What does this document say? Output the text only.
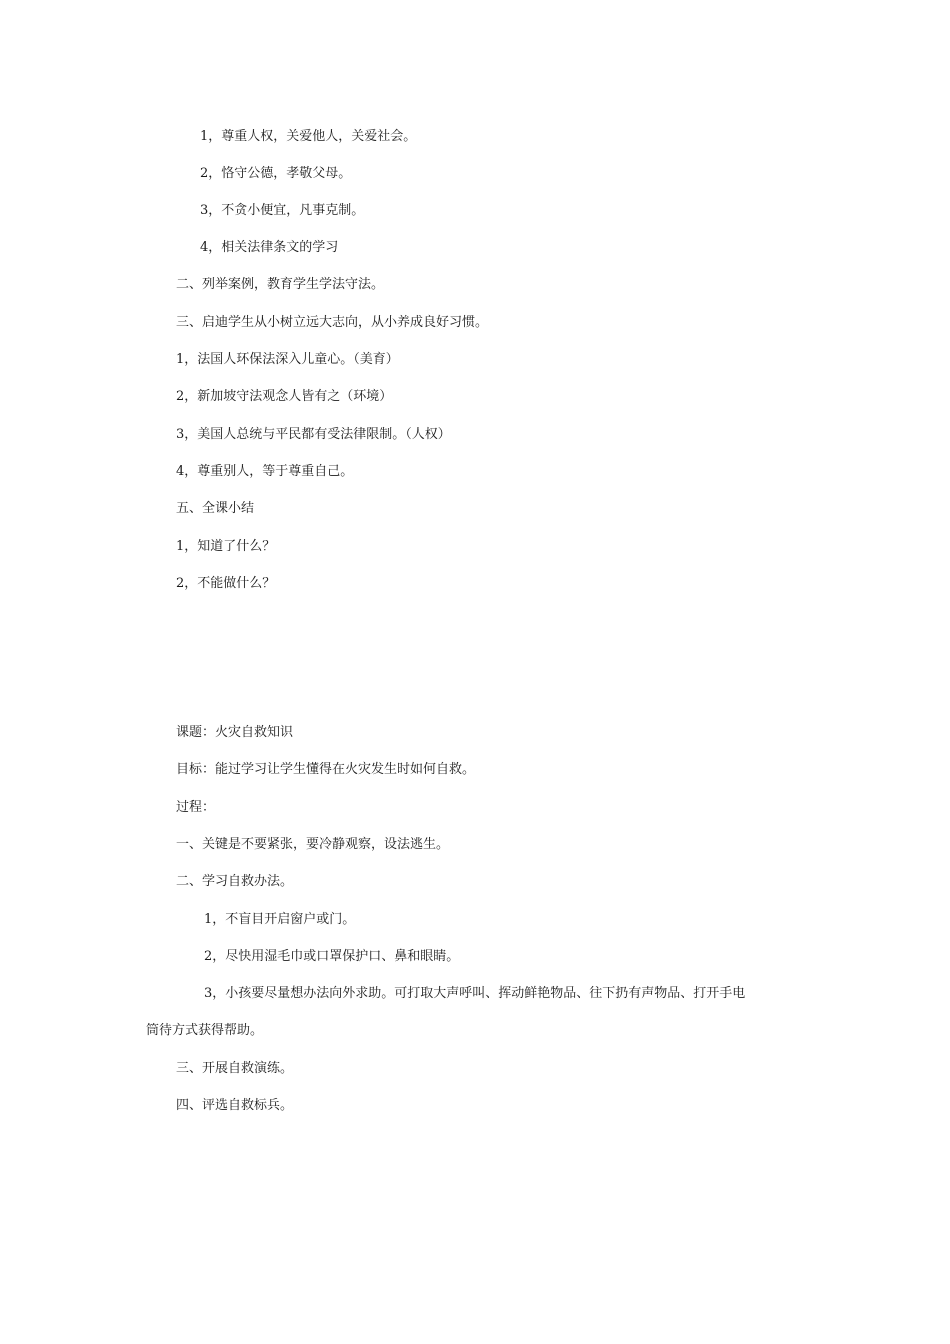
1，尊重人权，关爱他人，关爱社会。
2，恪守公德，孝敬父母。
3，不贪小便宜，凡事克制。
4，相关法律条文的学习
二、列举案例，教育学生学法守法。
三、启迪学生从小树立远大志向，从小养成良好习惯。
1，法国人环保法深入儿童心。（美育）
2，新加坡守法观念人皆有之（环境）
3，美国人总统与平民都有受法律限制。（人权）
4，尊重别人，等于尊重自己。
五、全课小结
1，知道了什么？
2，不能做什么？
课题：火灾自救知识
目标：能过学习让学生懂得在火灾发生时如何自救。
过程：
一、关键是不要紧张，要冷静观察，设法逃生。
二、学习自救办法。
1，不盲目开启窗户或门。
2，尽快用湿毛巾或口罩保护口、鼻和眼睛。
3，小孩要尽量想办法向外求助。可打取大声呼叫、挥动鲜艳物品、往下扔有声物品、打开手电
筒待方式获得帮助。
三、开展自救演练。
四、评选自救标兵。
